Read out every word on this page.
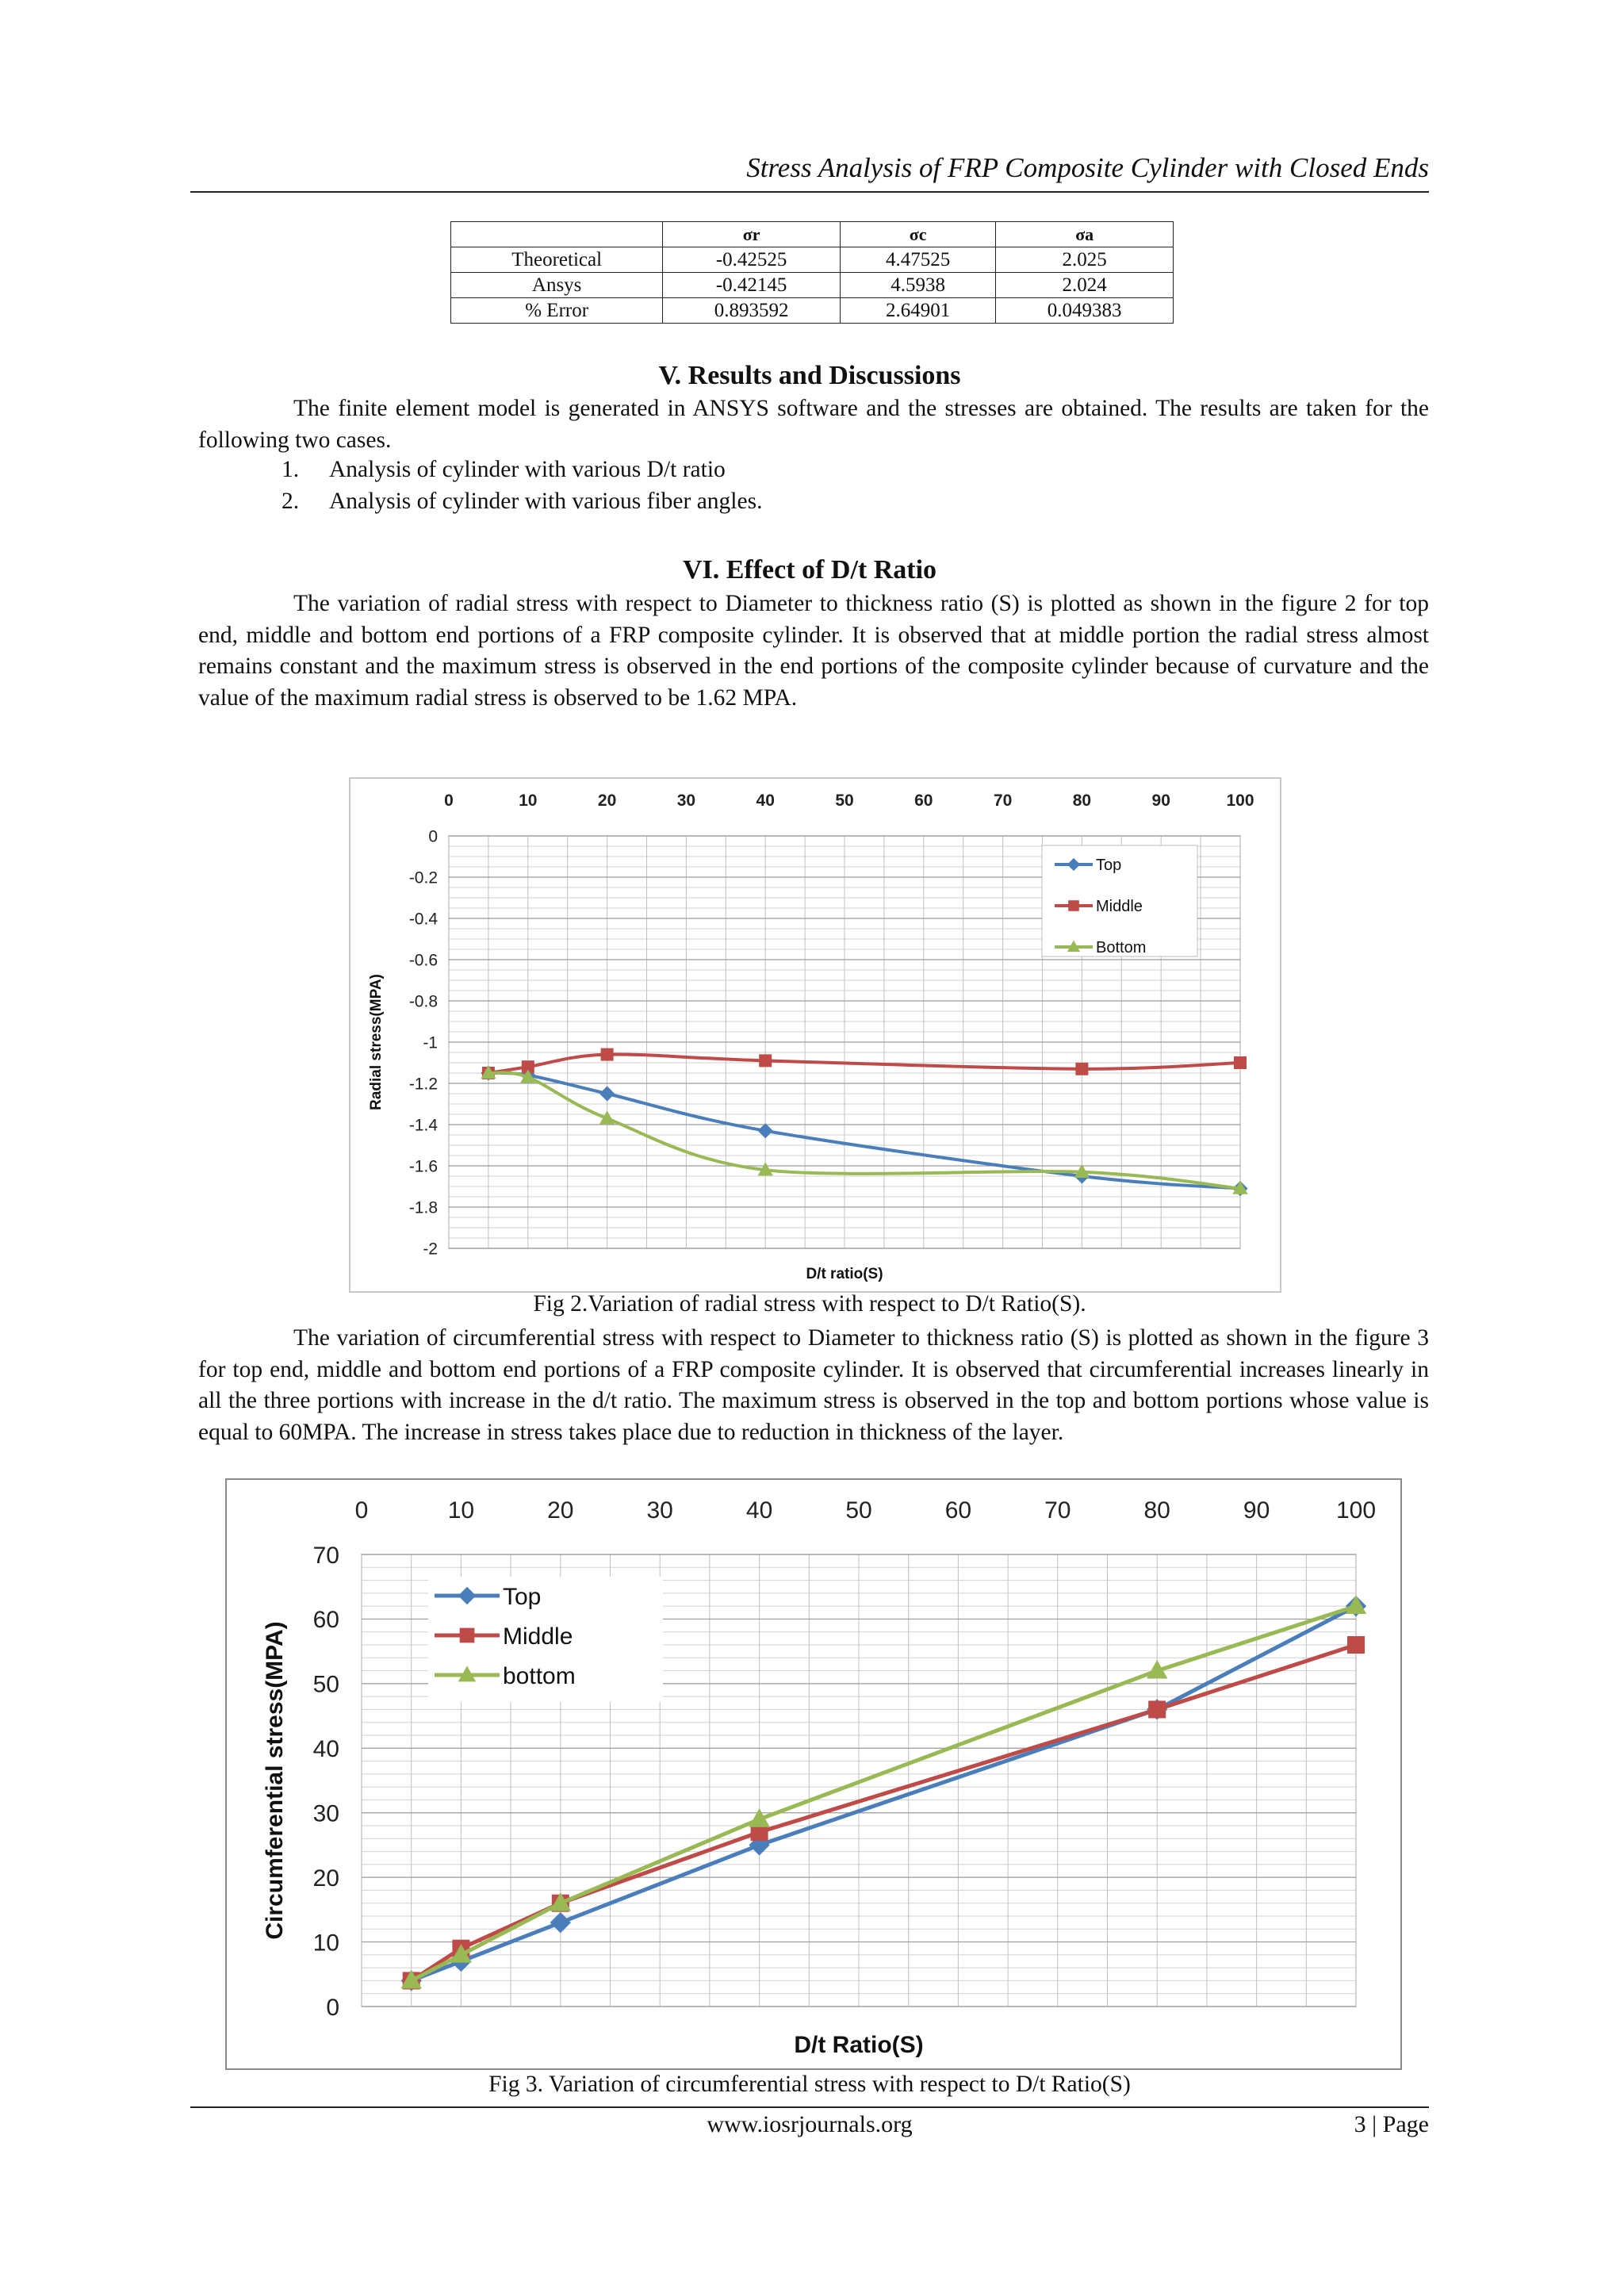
Stress Analysis of FRP Composite Cylinder with Closed Ends
	σr	σc	σa
Theoretical	-0.42525	4.47525	2.025
Ansys	-0.42145	4.5938	2.024
% Error	0.893592	2.64901	0.049383
V. Results and Discussions

The finite element model is generated in ANSYS software and the stresses are obtained. The results are taken for the following two cases.

1. Analysis of cylinder with various D/t ratio
2. Analysis of cylinder with various fiber angles.
VI. Effect of D/t Ratio

The variation of radial stress with respect to Diameter to thickness ratio (S) is plotted as shown in the figure 2 for top end, middle and bottom end portions of a FRP composite cylinder. It is observed that at middle portion the radial stress almost remains constant and the maximum stress is observed in the end portions of the composite cylinder because of curvature and the value of the maximum radial stress is observed to be 1.62 MPA.

0
-0.2
-0.4
-0.6
-0.8
-1
-1.2
-1.4
-1.6
-1.8
-2
0	10	20	30	40	50	60	70	80	90	100
D/t ratio(S)
Radial stress(MPA)
Top
Middle
Bottom
Fig 2.Variation of radial stress with respect to D/t Ratio(S).

The variation of circumferential stress with respect to Diameter to thickness ratio (S) is plotted as shown in the figure 3 for top end, middle and bottom end portions of a FRP composite cylinder. It is observed that circumferential increases linearly in all the three portions with increase in the d/t ratio. The maximum stress is observed in the top and bottom portions whose value is equal to 60MPA. The increase in stress takes place due to reduction in thickness of the layer.

0
10
20
30
40
50
60
70
0	10	20	30	40	50	60	70	80	90	100
D/t Ratio(S)
Circumferential stress(MPA)
Top
Middle
bottom
Fig 3. Variation of circumferential stress with respect to D/t Ratio(S)
www.iosrjournals.org	3 | Page
